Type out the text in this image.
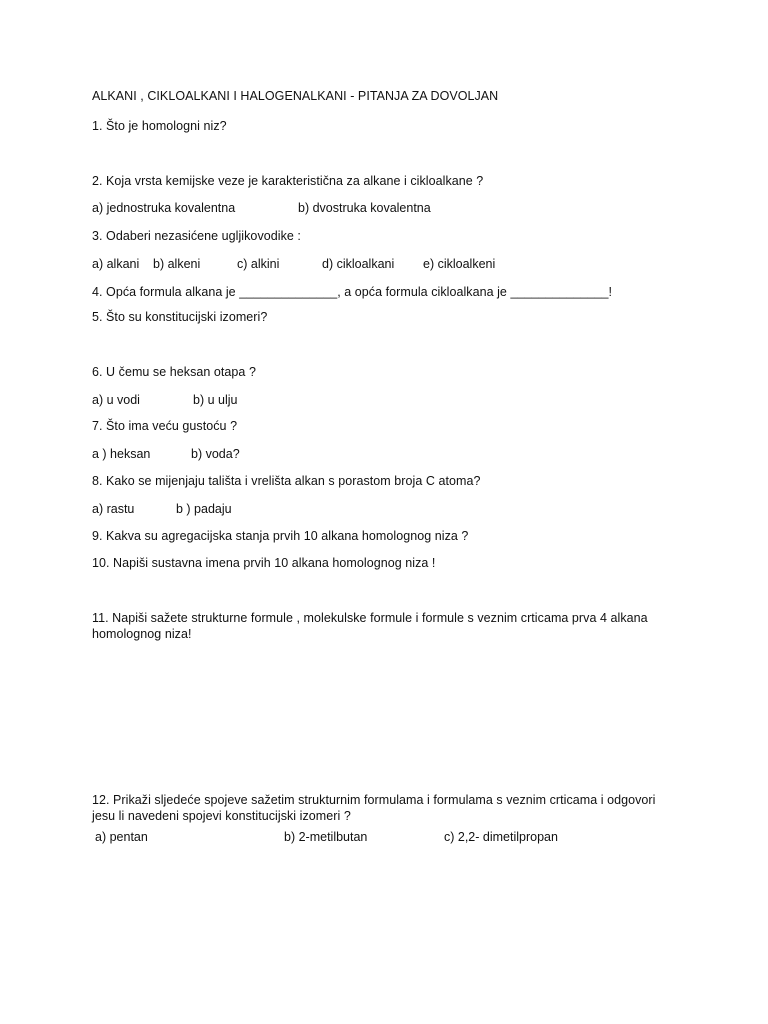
ALKANI , CIKLOALKANI I HALOGENALKANI - PITANJA ZA DOVOLJAN
1. Što je homologni niz?
2. Koja vrsta kemijske veze je karakteristična za alkane i cikloalkane ?
a) jednostruka kovalentna	b) dvostruka kovalentna
3. Odaberi nezasićene ugljikovodike :
a) alkani b) alkeni	c) alkini	d) cikloalkani e) cikloalkeni
4. Opća formula alkana je ______________, a opća formula cikloalkana je ______________!
5. Što su konstitucijski izomeri?
6. U čemu se heksan otapa ?
a) u vodi	b) u ulju
7. Što ima veću gustoću ?
a ) heksan	b) voda?
8. Kako se mijenjaju tališta i vrelišta alkan s porastom broja C atoma?
a) rastu	b ) padaju
9. Kakva su agregacijska stanja prvih 10 alkana homolognog niza ?
10. Napiši sustavna imena prvih 10 alkana homolognog niza !
11. Napiši sažete strukturne formule , molekulske formule i formule s veznim crticama prva 4 alkana homolognog niza!
12. Prikaži sljedeće spojeve sažetim strukturnim formulama i formulama s veznim crticama i odgovori jesu li navedeni spojevi konstitucijski izomeri ?
a) pentan	b) 2-metilbutan	c) 2,2- dimetilpropan
